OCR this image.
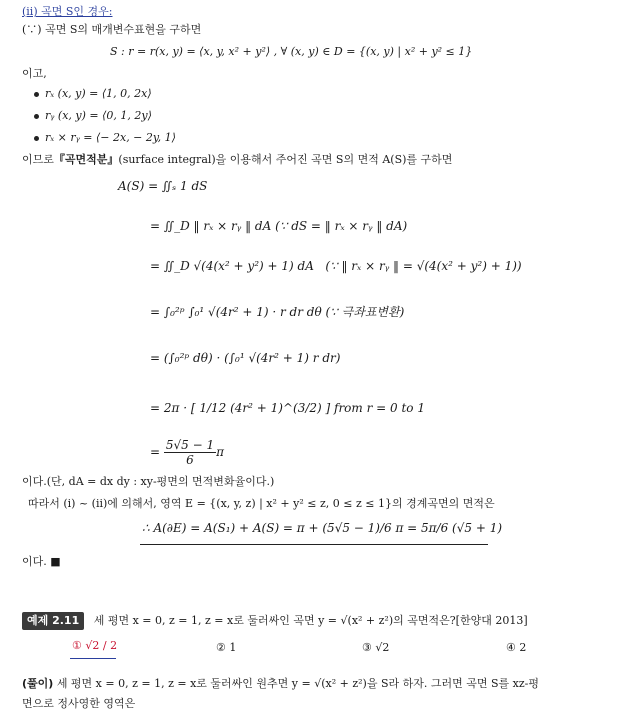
(ii) 곡면 S인 경우:
(∵) 곡면 S의 매개변수표현을 구하면
S : r = r(x, y) = ⟨x, y, x² + y²⟩ , ∀ (x, y) ∈ D = {(x, y) | x² + y² ≤ 1}
이고,
rₓ (x, y) = ⟨1, 0, 2x⟩
rᵧ (x, y) = ⟨0, 1, 2y⟩
rₓ × rᵧ = ⟨− 2x, − 2y, 1⟩
이므로『곡면적분』(surface integral)을 이용해서 주어진 곡면 S의 면적 A(S)를 구하면
A(S) = ∬ₛ 1 dS
= ∬_D ‖ rₓ × rᵧ ‖ dA (∵ dS = ‖ rₓ × rᵧ ‖ dA)
= ∬_D √(4(x² + y²) + 1) dA (∵ ‖ rₓ × rᵧ ‖ = √(4(x² + y²) + 1))
= ∫₀²ᵖ ∫₀¹ √(4r² + 1) · r dr dθ (∵ 극좌표변환)
= (∫₀²ᵖ dθ) · (∫₀¹ √(4r² + 1) r dr)
= 2π · [ 1/12 (4r² + 1)^(3/2) ] from r = 0 to 1
= $\frac{5√5 - 1}{6}$ π
이다.(단, dA = dx dy : xy-평면의 면적변화율이다.)
따라서 (i) ~ (ii)에 의해서, 영역 E = {(x, y, z) | x² + y² ≤ z, 0 ≤ z ≤ 1}의 경계곡면의 면적은
∴ A(∂E) = A(S₁) + A(S) = π + (5√5 − 1)/6 π = 5π/6 (√5 + 1)
이다. ■
예제 2.11 세 평면 x = 0, z = 1, z = x로 둘러싸인 곡면 y = √(x² + z²)의 곡면적은?[한양대 2013]
① √2 / 2	② 1	③ √2	④ 2
(풀이) 세 평면 x = 0, z = 1, z = x로 둘러싸인 원추면 y = √(x² + z²)을 S라 하자. 그러면 곡면 S를 xz-평
면으로 정사영한 영역은
